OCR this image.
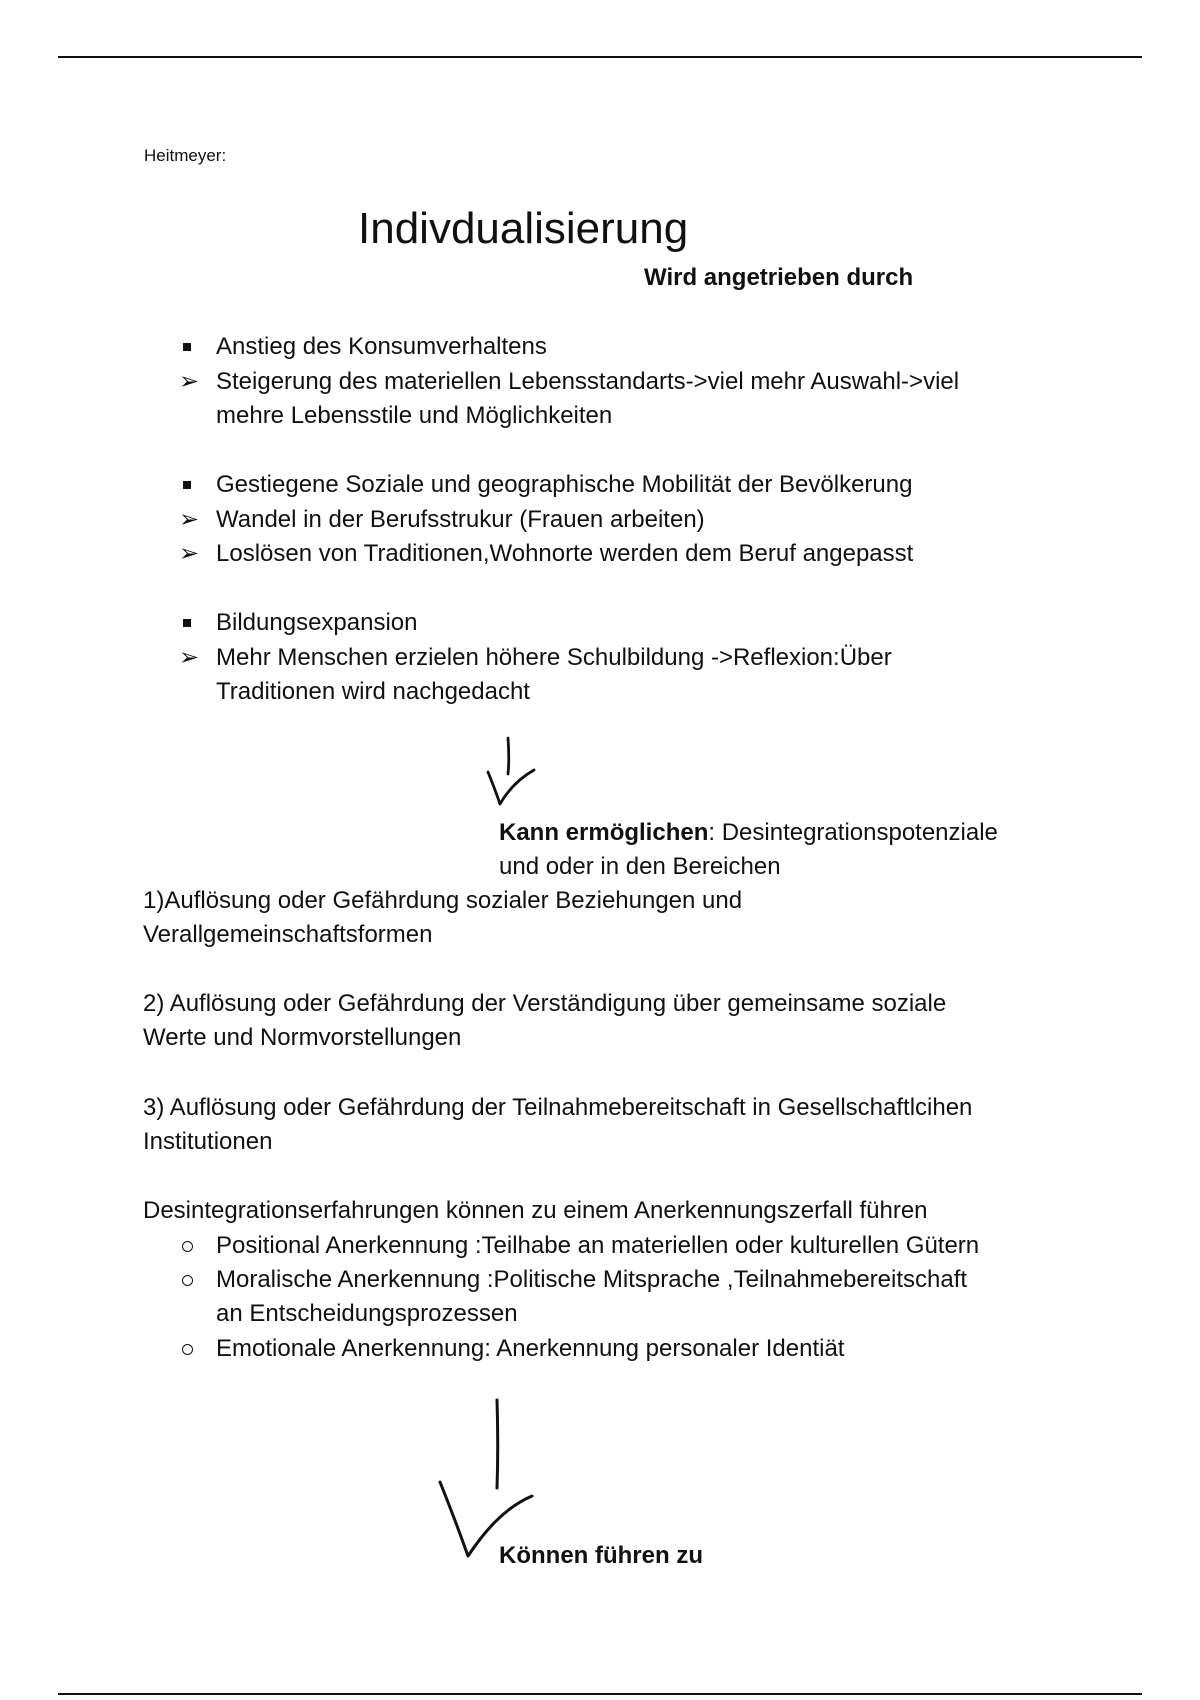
Heitmeyer:
Indivdualisierung
Wird angetrieben durch
Anstieg des Konsumverhaltens
➢ Steigerung des materiellen Lebensstandarts->viel mehr Auswahl->viel
mehre Lebensstile und Möglichkeiten
Gestiegene Soziale und geographische Mobilität der Bevölkerung
➢ Wandel in der Berufsstrukur (Frauen arbeiten)
➢ Loslösen von Traditionen,Wohnorte werden dem Beruf angepasst
Bildungsexpansion
➢ Mehr Menschen erzielen höhere Schulbildung ->Reflexion:Über
Traditionen wird nachgedacht
Kann ermöglichen: Desintegrationspotenziale
und oder in den Bereichen
1)Auflösung oder Gefährdung sozialer Beziehungen und
Verallgemeinschaftsformen
2) Auflösung oder Gefährdung der Verständigung über gemeinsame soziale
Werte und Normvorstellungen
3) Auflösung oder Gefährdung der Teilnahmebereitschaft in Gesellschaftlcihen
Institutionen
Desintegrationserfahrungen können zu einem Anerkennungszerfall führen
Positional Anerkennung :Teilhabe an materiellen oder kulturellen Gütern
Moralische Anerkennung :Politische Mitsprache ,Teilnahmebereitschaft
an Entscheidungsprozessen
Emotionale Anerkennung: Anerkennung personaler Identiät
Können führen zu
